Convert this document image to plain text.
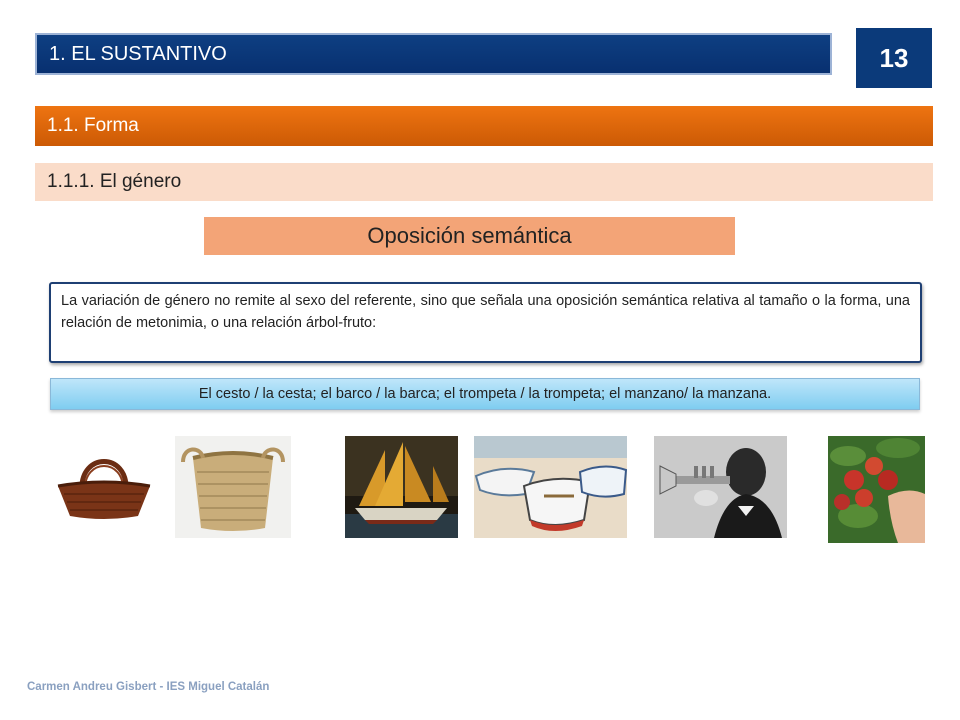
1. EL SUSTANTIVO	13
1.1. Forma
1.1.1. El género
Oposición semántica
La variación de género no remite al sexo del referente, sino que señala una oposición semántica relativa al tamaño o la forma, una relación de metonimia, o una relación árbol-fruto:
El cesto / la cesta; el barco / la barca; el trompeta / la trompeta; el manzano/ la manzana.
Carmen Andreu Gisbert - IES Miguel Catalán
